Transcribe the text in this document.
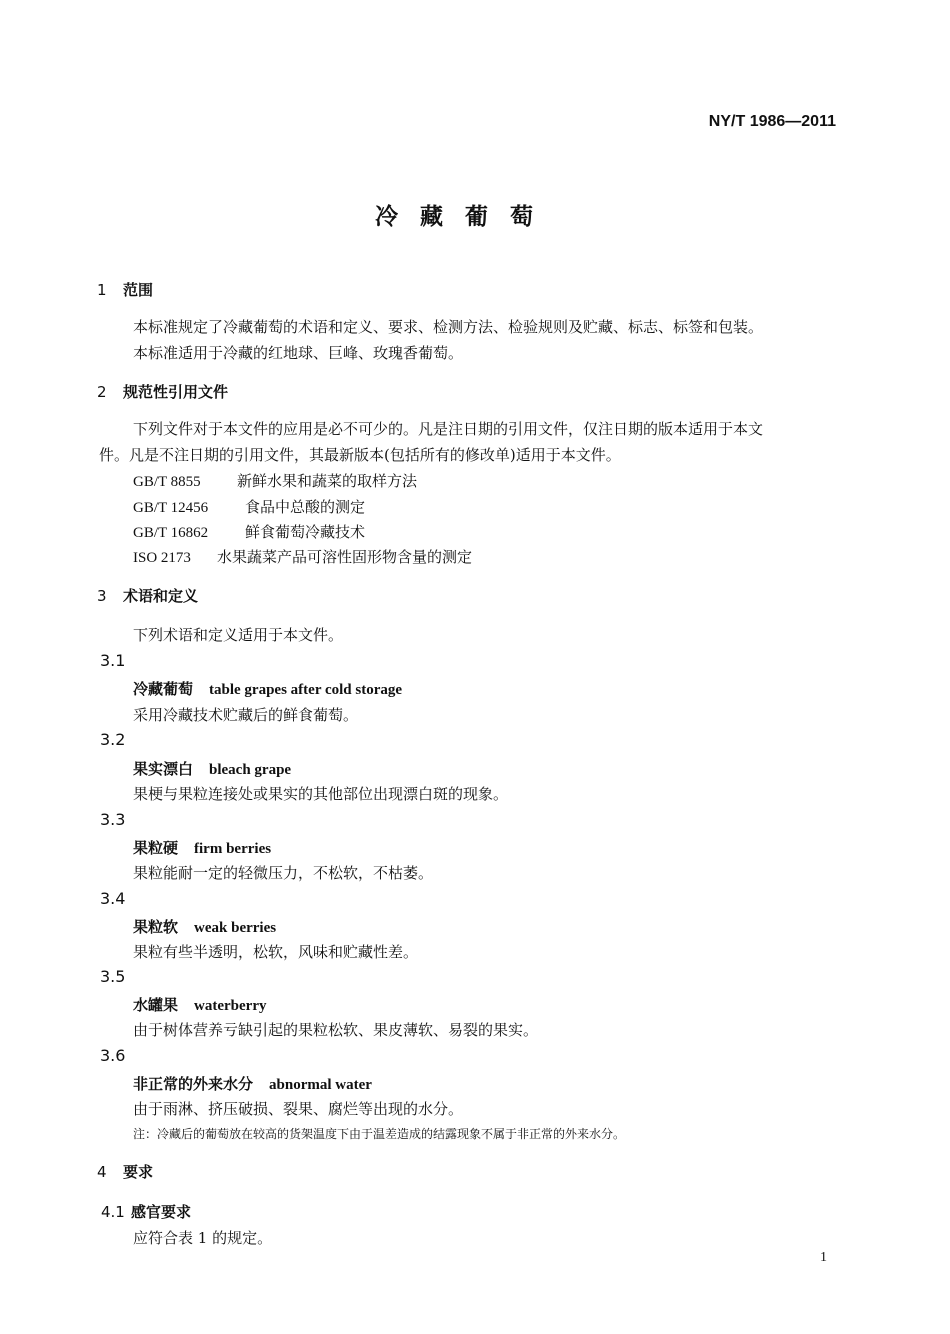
NY/T 1986—2011
冷藏葡萄
1 范围
本标准规定了冷藏葡萄的术语和定义、要求、检测方法、检验规则及贮藏、标志、标签和包装。
本标准适用于冷藏的红地球、巨峰、玫瑰香葡萄。
2 规范性引用文件
下列文件对于本文件的应用是必不可少的。凡是注日期的引用文件，仅注日期的版本适用于本文
件。凡是不注日期的引用文件，其最新版本(包括所有的修改单)适用于本文件。
GB/T 8855 新鲜水果和蔬菜的取样方法
GB/T 12456 食品中总酸的测定
GB/T 16862 鲜食葡萄冷藏技术
ISO 2173 水果蔬菜产品可溶性固形物含量的测定
3 术语和定义
下列术语和定义适用于本文件。
3.1
冷藏葡萄 table grapes after cold storage
采用冷藏技术贮藏后的鲜食葡萄。
3.2
果实漂白 bleach grape
果梗与果粒连接处或果实的其他部位出现漂白斑的现象。
3.3
果粒硬 firm berries
果粒能耐一定的轻微压力，不松软，不枯萎。
3.4
果粒软 weak berries
果粒有些半透明，松软，风味和贮藏性差。
3.5
水罐果 waterberry
由于树体营养亏缺引起的果粒松软、果皮薄软、易裂的果实。
3.6
非正常的外来水分 abnormal water
由于雨淋、挤压破损、裂果、腐烂等出现的水分。
注：冷藏后的葡萄放在较高的货架温度下由于温差造成的结露现象不属于非正常的外来水分。
4 要求
4.1 感官要求
应符合表 1 的规定。
1
